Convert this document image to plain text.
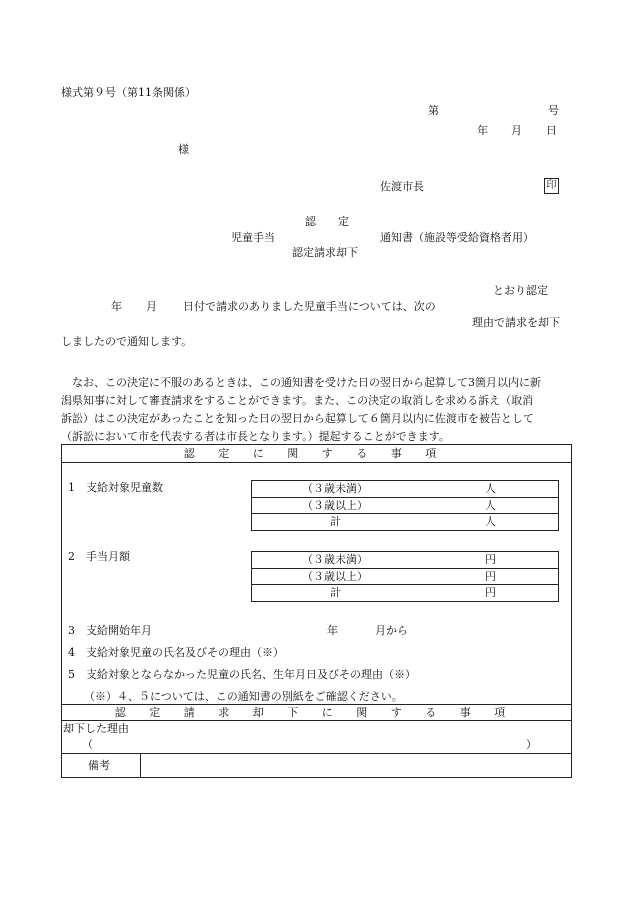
様式第９号（第11条関係）
第	号
年 月 日
様
佐渡市長	印
認　　定
児童手当	通知書（施設等受給資格者用）
認定請求却下
とおり認定
年 月 日付で請求のありました児童手当については、次の
理由で請求を却下
しましたので通知します。
なお、この決定に不服のあるときは、この通知書を受けた日の翌日から起算して3箇月以内に新
潟県知事に対して審査請求をすることができます。また、この決定の取消しを求める訴え（取消
訴訟）はこの決定があったことを知った日の翌日から起算して６箇月以内に佐渡市を被告として
（訴訟において市を代表する者は市長となります。）提起することができます。
認 定 に 関 す る 事 項
1　支給対象児童数	（３歳未満）	人
（３歳以上）	人
計	人
2　手当月額	（３歳未満）	円
（３歳以上）	円
計	円
3　支給開始年月	年	月から
4　支給対象児童の氏名及びその理由（※）
5　支給対象とならなかった児童の氏名、生年月日及びその理由（※）
（※）４、５については、この通知書の別紙をご確認ください。
認 定 請 求 却 下 に 関 す る 事 項
却下した理由
（	）
備考
